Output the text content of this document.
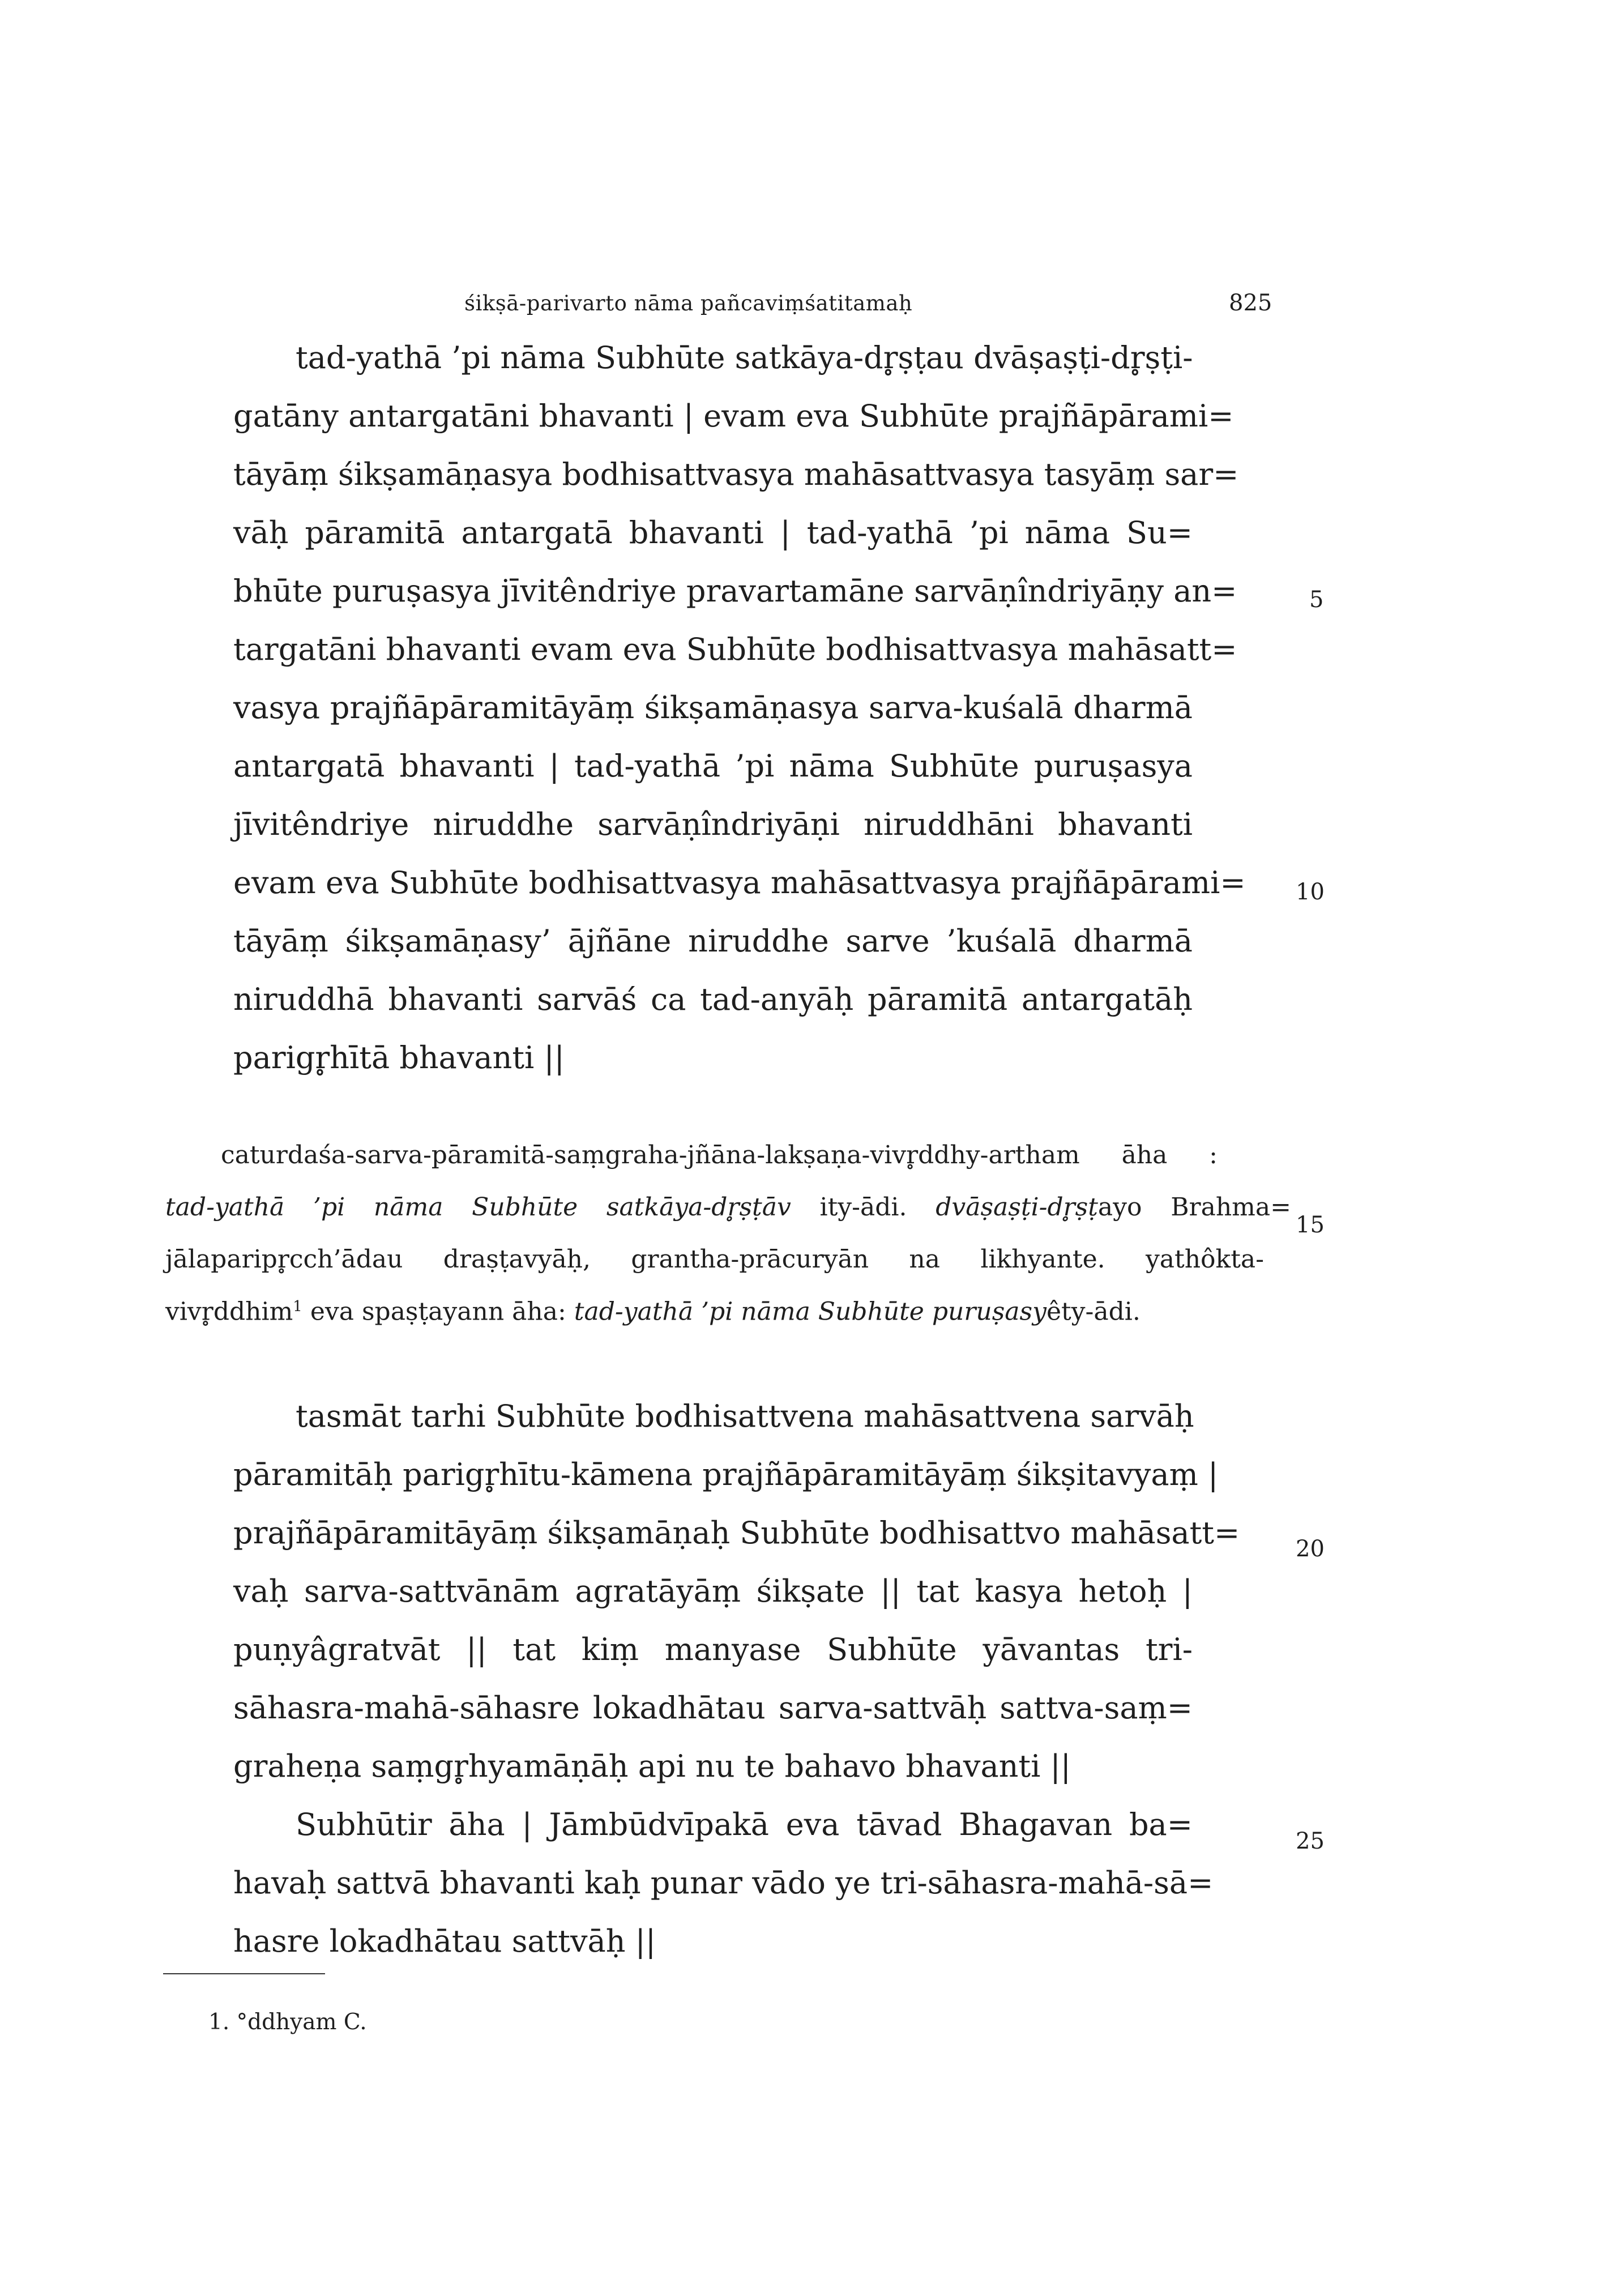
śikṣā-parivarto nāma pañcaviṃśatitamaḥ	825
tad-yathā ’pi nāma Subhūte satkāya-dr̥ṣṭau dvāṣaṣṭi-dr̥ṣṭi-
gatāny antargatāni bhavanti | evam eva Subhūte prajñāpārami=
tāyāṃ śikṣamāṇasya bodhisattvasya mahāsattvasya tasyāṃ sar=
vāḥ pāramitā antargatā bhavanti | tad-yathā ’pi nāma Su=
bhūte puruṣasya jīvitêndriye pravartamāne sarvāṇîndriyāṇy an=
targatāni bhavanti evam eva Subhūte bodhisattvasya mahāsatt=
vasya prajñāpāramitāyāṃ śikṣamāṇasya sarva-kuśalā dharmā
antargatā bhavanti | tad-yathā ’pi nāma Subhūte puruṣasya
jīvitêndriye niruddhe sarvāṇîndriyāṇi niruddhāni bhavanti
evam eva Subhūte bodhisattvasya mahāsattvasya prajñāpārami=
tāyāṃ śikṣamāṇasy’ ājñāne niruddhe sarve ’kuśalā dharmā
niruddhā bhavanti sarvāś ca tad-anyāḥ pāramitā antargatāḥ
parigr̥hītā bhavanti ||
caturdaśa-sarva-pāramitā-saṃgraha-jñāna-lakṣaṇa-vivr̥ddhy-artham āha :
tad-yathā ’pi nāma Subhūte satkāya-dr̥ṣṭāv ity-ādi. dvāṣaṣṭi-dr̥ṣṭayo Brahma=
jālaparipr̥cch’ādau draṣṭavyāḥ, grantha-prācuryān na likhyante. yathôkta-
vivr̥ddhim$^1$ eva spaṣṭayann āha: tad-yathā ’pi nāma Subhūte puruṣasyêty-ādi.
tasmāt tarhi Subhūte bodhisattvena mahāsattvena sarvāḥ
pāramitāḥ parigr̥hītu-kāmena prajñāpāramitāyāṃ śikṣitavyaṃ |
prajñāpāramitāyāṃ śikṣamāṇaḥ Subhūte bodhisattvo mahāsatt=
vaḥ sarva-sattvānām agratāyāṃ śikṣate || tat kasya hetoḥ |
puṇyâgratvāt || tat kiṃ manyase Subhūte yāvantas tri-
sāhasra-mahā-sāhasre lokadhātau sarva-sattvāḥ sattva-saṃ=
graheṇa saṃgr̥hyamāṇāḥ api nu te bahavo bhavanti ||
Subhūtir āha | Jāmbūdvīpakā eva tāvad Bhagavan ba=
havaḥ sattvā bhavanti kaḥ punar vādo ye tri-sāhasra-mahā-sā=
hasre lokadhātau sattvāḥ ||
5
10
15
20
25
1. °ddhyam C.
